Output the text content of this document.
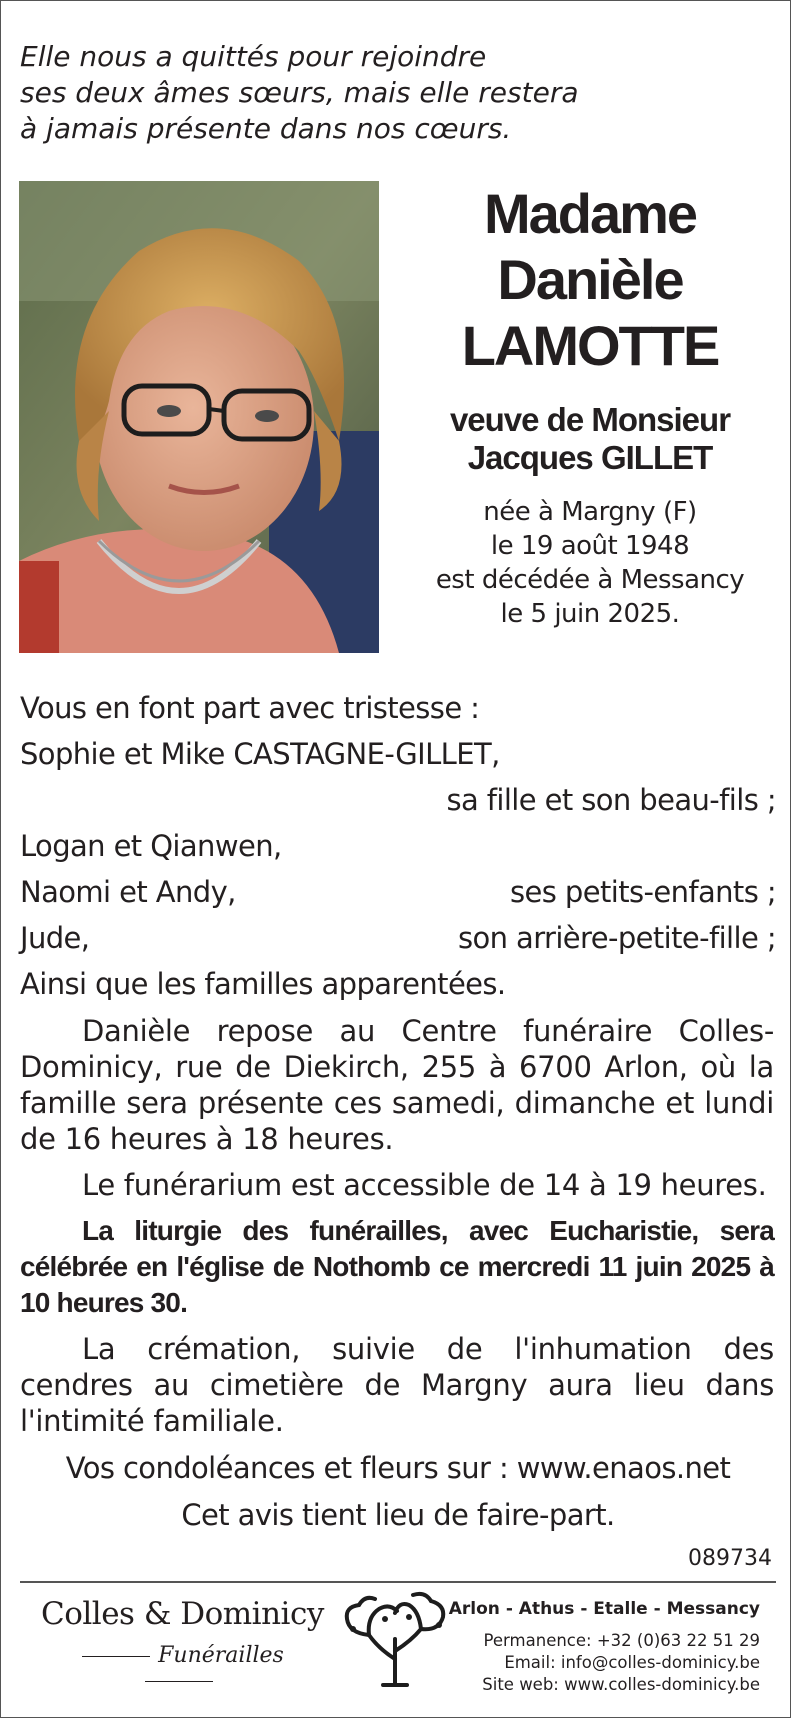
Elle nous a quittés pour rejoindre
ses deux âmes sœurs, mais elle restera
à jamais présente dans nos cœurs.
Madame
Danièle
LAMOTTE
veuve de Monsieur
Jacques GILLET
née à Margny (F)
le 19 août 1948
est décédée à Messancy
le 5 juin 2025.
Vous en font part avec tristesse :
Sophie et Mike CASTAGNE-GILLET,
sa fille et son beau-fils ;
Logan et Qianwen,
Naomi et Andy,	ses petits-enfants ;
Jude,	son arrière-petite-fille ;
Ainsi que les familles apparentées.
Danièle repose au Centre funéraire Colles-Dominicy, rue de Diekirch, 255 à 6700 Arlon, où la famille sera présente ces samedi, dimanche et lundi de 16 heures à 18 heures.
Le funérarium est accessible de 14 à 19 heures.
La liturgie des funérailles, avec Eucharistie, sera célébrée en l'église de Nothomb ce mercredi 11 juin 2025 à 10 heures 30.
La crémation, suivie de l'inhumation des cendres au cimetière de Margny aura lieu dans l'intimité familiale.
Vos condoléances et fleurs sur : www.enaos.net
Cet avis tient lieu de faire-part.
089734
Colles & Dominicy
Funérailles
Arlon - Athus - Etalle - Messancy
Permanence: +32 (0)63 22 51 29
Email: info@colles-dominicy.be
Site web: www.colles-dominicy.be
